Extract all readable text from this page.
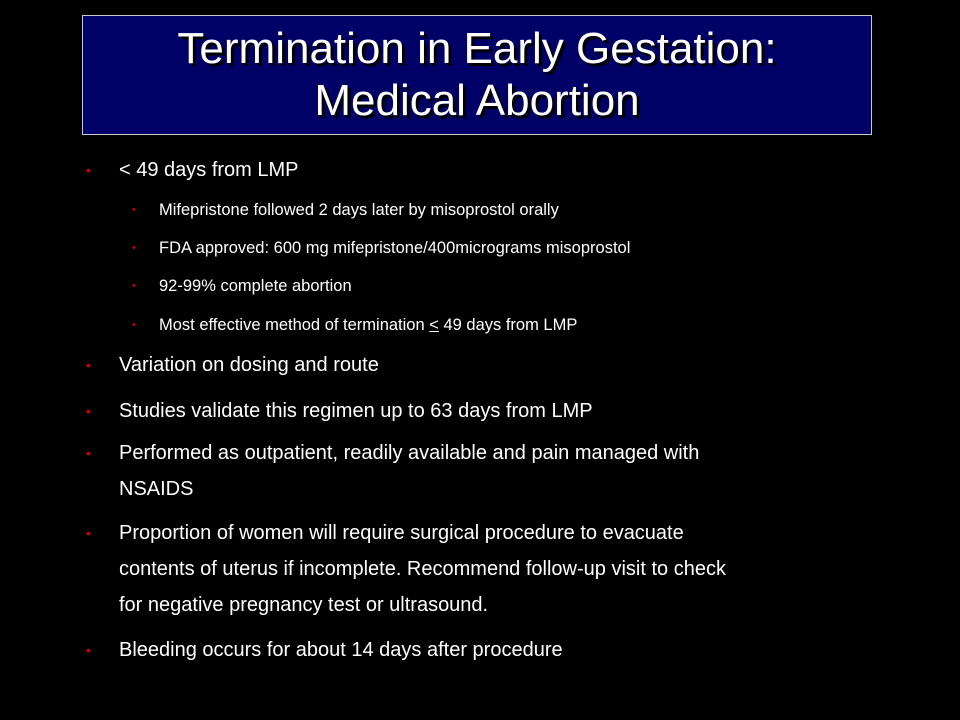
Termination in Early Gestation:
Medical Abortion
• < 49 days from LMP
• Mifepristone followed 2 days later by misoprostol orally
• FDA approved: 600 mg mifepristone/400micrograms misoprostol
• 92-99% complete abortion
• Most effective method of termination ≤ 49 days from LMP
• Variation on dosing and route
• Studies validate this regimen up to 63 days from LMP
• Performed as outpatient, readily available and pain managed with
NSAIDS
• Proportion of women will require surgical procedure to evacuate
contents of uterus if incomplete. Recommend follow-up visit to check
for negative pregnancy test or ultrasound.
• Bleeding occurs for about 14 days after procedure
